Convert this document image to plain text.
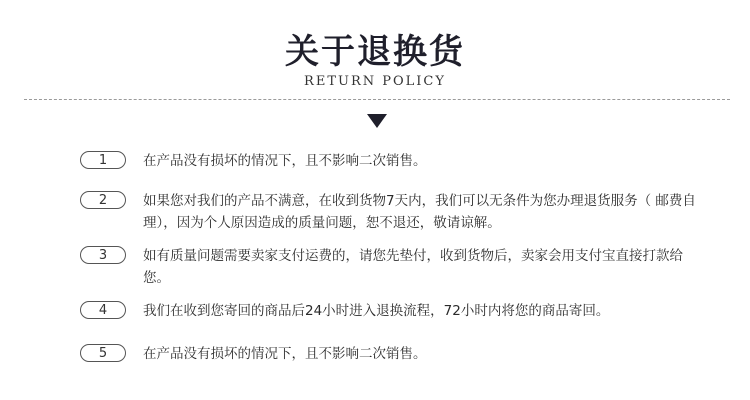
关于退换货
RETURN POLICY
1	在产品没有损坏的情况下，且不影响二次销售。
2	如果您对我们的产品不满意，在收到货物7天内，我们可以无条件为您办理退货服务（ 邮费自理），因为个人原因造成的质量问题，恕不退还，敬请谅解。
3	如有质量问题需要卖家支付运费的，请您先垫付，收到货物后，卖家会用支付宝直接打款给您。
4	我们在收到您寄回的商品后24小时进入退换流程，72小时内将您的商品寄回。
5	在产品没有损坏的情况下，且不影响二次销售。
